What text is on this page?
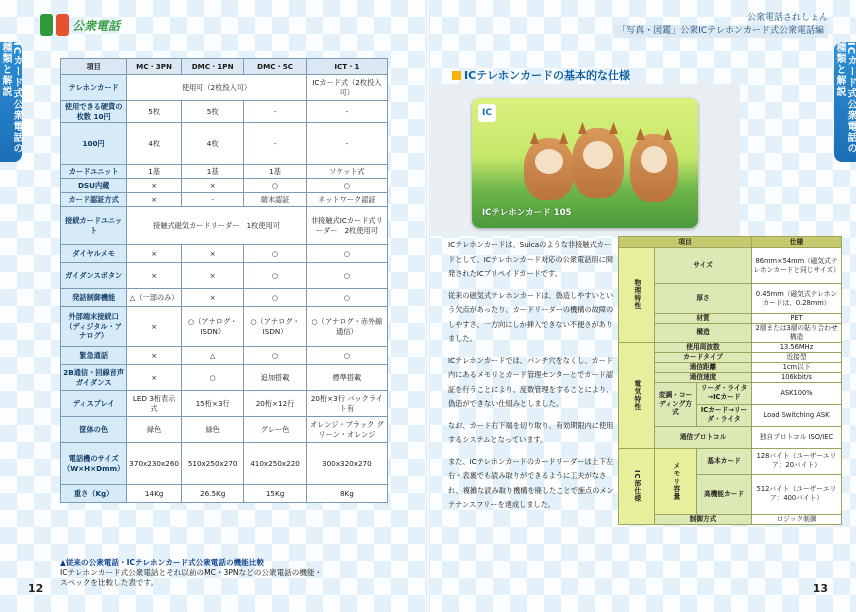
公衆電話
公衆電話されしょん
「写真・図鑑」公衆ICテレホンカード式公衆電話編
ICカード式公衆電話の種類と解説	ICカード式公衆電話の種類と解説
項目	MC・3PN	DMC・1PN	DMC・5C	ICT・1
テレホンカード	使用可（2枚投入可）			ICカード式（2枚投入可）
使用できる硬貨の枚数 10円	5枚	5枚	-	-
100円	4枚	4枚	-	-
カードユニット	1基	1基	1基	ソケット式
DSU内蔵	×	×	○	○
カード認証方式	×	-	端末認証	ネットワーク認証
接続カードユニット	接触式磁気カードリーダー　1枚使用可			非接触式ICカード式リーダー　2枚使用可
ダイヤルメモ	×	×	○	○
ガイダンスボタン	×	×	○	○
発話制御機能	△（一部のみ）	×	○	○
外部端末接続口（ディジタル・アナログ）	×	○（アナログ・ISDN）	○（アナログ・ISDN）	○（アナログ・赤外線通信）
緊急通話	×	△	○	○
2B通信・回線音声ガイダンス	×	○	追加搭載	標準搭載
ディスプレイ	LED 3桁表示式	15桁×3行	20桁×12行	20桁×3行 バックライト有
筐体の色	緑色	緑色	グレー色	オレンジ・ブラック グリーン・オレンジ
電話機のサイズ（W×H×Dmm）	370x230x260	510x250x270	410x250x220	300x320x270
重さ（Kg）	14Kg	26.5Kg	15Kg	8Kg
▲従来の公衆電話・ICテレホンカード式公衆電話の機能比較
ICテレホンカード式公衆電話とそれ以前のMC・3PNなどの公衆電話の機能・
スペックを比較した表です。
12	13
ICテレホンカードの基本的な仕様
IC
ICテレホンカード 105

ICテレホンカードは、Suicaのような非接触式カードとして、ICテレホンカード対応の公衆電話用に開発されたICプリペイドカードです。

従来の磁気式テレホンカードは、偽造しやすいという欠点があったり、カードリーダーの機構の故障のしやすさ、一方向にしか挿入できない不便さがありました。

ICテレホンカードでは、パンチ穴をなくし、カード内にあるメモリとカード管理センターとでカード認証を行うことにより、度数管理をすることにより、偽造ができない仕組みとしました。

なお、カード右下端を切り取り、有効期限内に使用するシステムとなっています。

また、ICテレホンカードのカードリーダーは上下左右・表裏でも読み取りができるように工夫がなされ、複雑な読み取り機構を廃したことで施点のメンテナンスフリーを達成しました。

項目			仕様
物理特性	サイズ		86mm×54mm（磁気式テレホンカードと同じサイズ）
	厚さ		0.45mm（磁気式テレホンカードは、0.28mm）
	材質		PET
	構造		2層または3層の貼り合わせ構造
電気特性	使用周波数		13.56MHz
	カードタイプ		近接型
	通信距離		1cm以下
	通信速度		106kbit/s
	変調・コーディング方式	リーダ・ライタ→ICカード	ASK100%
		ICカード→リーダ・ライタ	Load Switching ASK
	通信プロトコル		独自プロトコル ISO/IEC
IC部仕様	メモリ容量	基本カード	128バイト（ユーザーエリア：20バイト）
		高機能カード	512バイト（ユーザーエリア：400バイト）
	制御方式		ロジック制御
